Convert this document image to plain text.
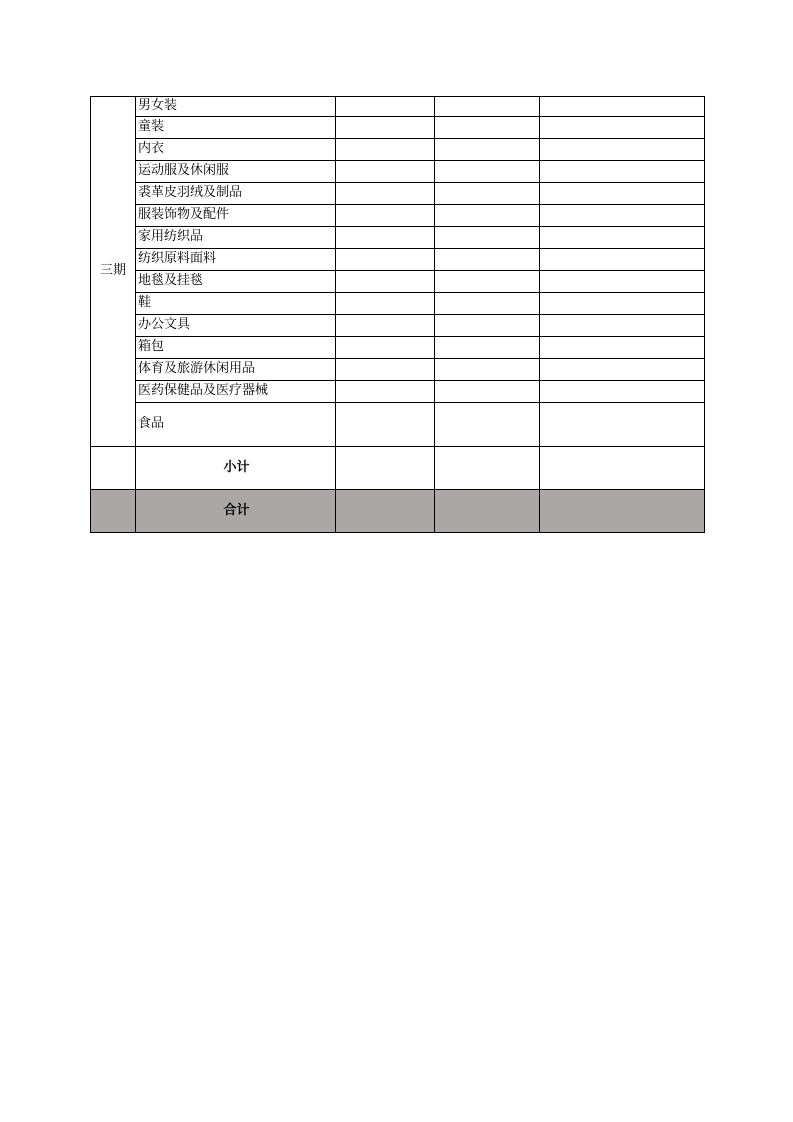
三期	男女装			
	童装			
	内衣			
	运动服及休闲服			
	裘革皮羽绒及制品			
	服装饰物及配件			
	家用纺织品			
	纺织原料面料			
	地毯及挂毯			
	鞋			
	办公文具			
	箱包			
	体育及旅游休闲用品			
	医药保健品及医疗器械			
	食品			
	小计			
	合计			
